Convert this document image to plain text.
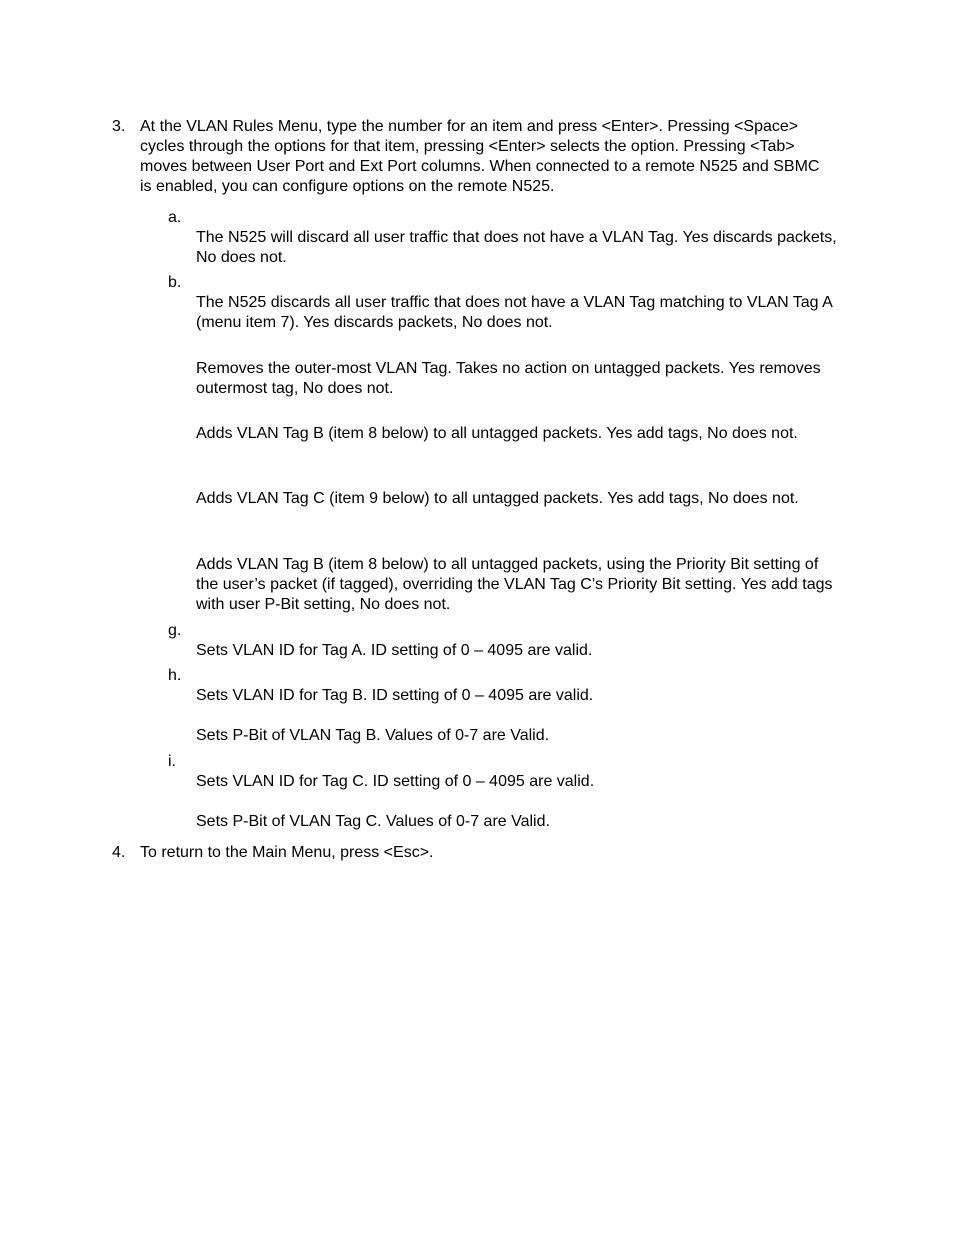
3. At the VLAN Rules Menu, type the number for an item and press <Enter>. Pressing <Space> cycles through the options for that item, pressing <Enter> selects the option. Pressing <Tab> moves between User Port and Ext Port columns. When connected to a remote N525 and SBMC is enabled, you can configure options on the remote N525.
a.
The N525 will discard all user traffic that does not have a VLAN Tag. Yes discards packets, No does not.
b.
The N525 discards all user traffic that does not have a VLAN Tag matching to VLAN Tag A (menu item 7). Yes discards packets, No does not.
Removes the outer-most VLAN Tag. Takes no action on untagged packets. Yes removes outermost tag, No does not.
Adds VLAN Tag B (item 8 below) to all untagged packets. Yes add tags, No does not.
Adds VLAN Tag C (item 9 below) to all untagged packets. Yes add tags, No does not.
Adds VLAN Tag B (item 8 below) to all untagged packets, using the Priority Bit setting of the user’s packet (if tagged), overriding the VLAN Tag C’s Priority Bit setting. Yes add tags with user P-Bit setting, No does not.
g.
Sets VLAN ID for Tag A. ID setting of 0 – 4095 are valid.
h.
Sets VLAN ID for Tag B. ID setting of 0 – 4095 are valid.
Sets P-Bit of VLAN Tag B. Values of 0-7 are Valid.
i.
Sets VLAN ID for Tag C. ID setting of 0 – 4095 are valid.
Sets P-Bit of VLAN Tag C. Values of 0-7 are Valid.
4. To return to the Main Menu, press <Esc>.
